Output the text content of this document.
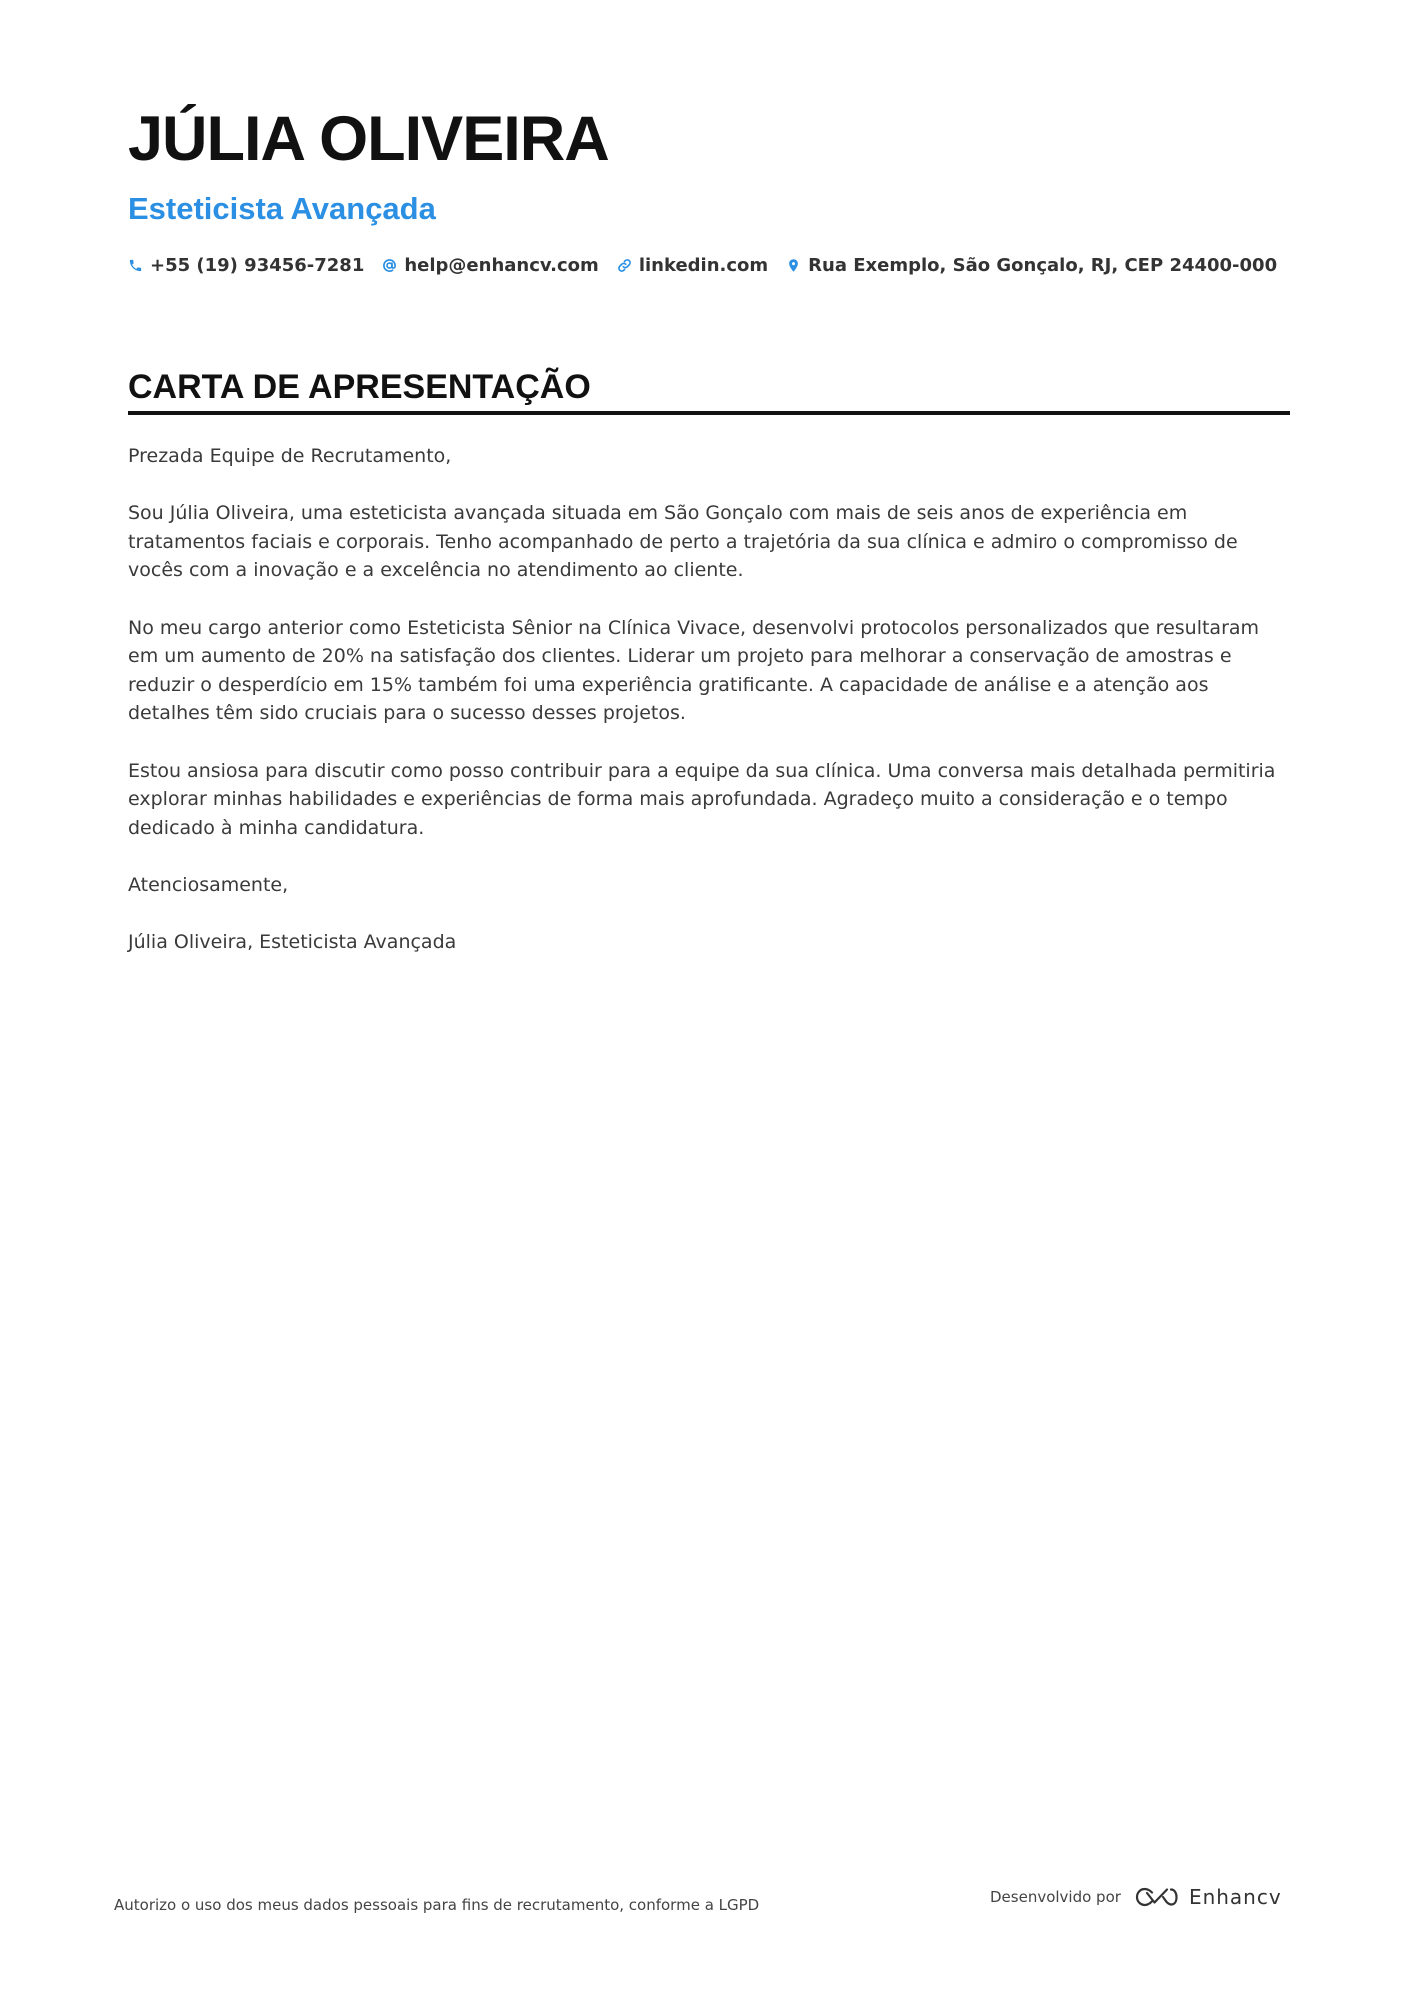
JÚLIA OLIVEIRA
Esteticista Avançada
+55 (19) 93456-7281 help@enhancv.com linkedin.com Rua Exemplo, São Gonçalo, RJ, CEP 24400-000
CARTA DE APRESENTAÇÃO

Prezada Equipe de Recrutamento,

Sou Júlia Oliveira, uma esteticista avançada situada em São Gonçalo com mais de seis anos de experiência em tratamentos faciais e corporais. Tenho acompanhado de perto a trajetória da sua clínica e admiro o compromisso de vocês com a inovação e a excelência no atendimento ao cliente.

No meu cargo anterior como Esteticista Sênior na Clínica Vivace, desenvolvi protocolos personalizados que resultaram em um aumento de 20% na satisfação dos clientes. Liderar um projeto para melhorar a conservação de amostras e reduzir o desperdício em 15% também foi uma experiência gratificante. A capacidade de análise e a atenção aos detalhes têm sido cruciais para o sucesso desses projetos.

Estou ansiosa para discutir como posso contribuir para a equipe da sua clínica. Uma conversa mais detalhada permitiria explorar minhas habilidades e experiências de forma mais aprofundada. Agradeço muito a consideração e o tempo dedicado à minha candidatura.

Atenciosamente,

Júlia Oliveira, Esteticista Avançada

Autorizo o uso dos meus dados pessoais para fins de recrutamento, conforme a LGPD	Desenvolvido por	Enhancv
